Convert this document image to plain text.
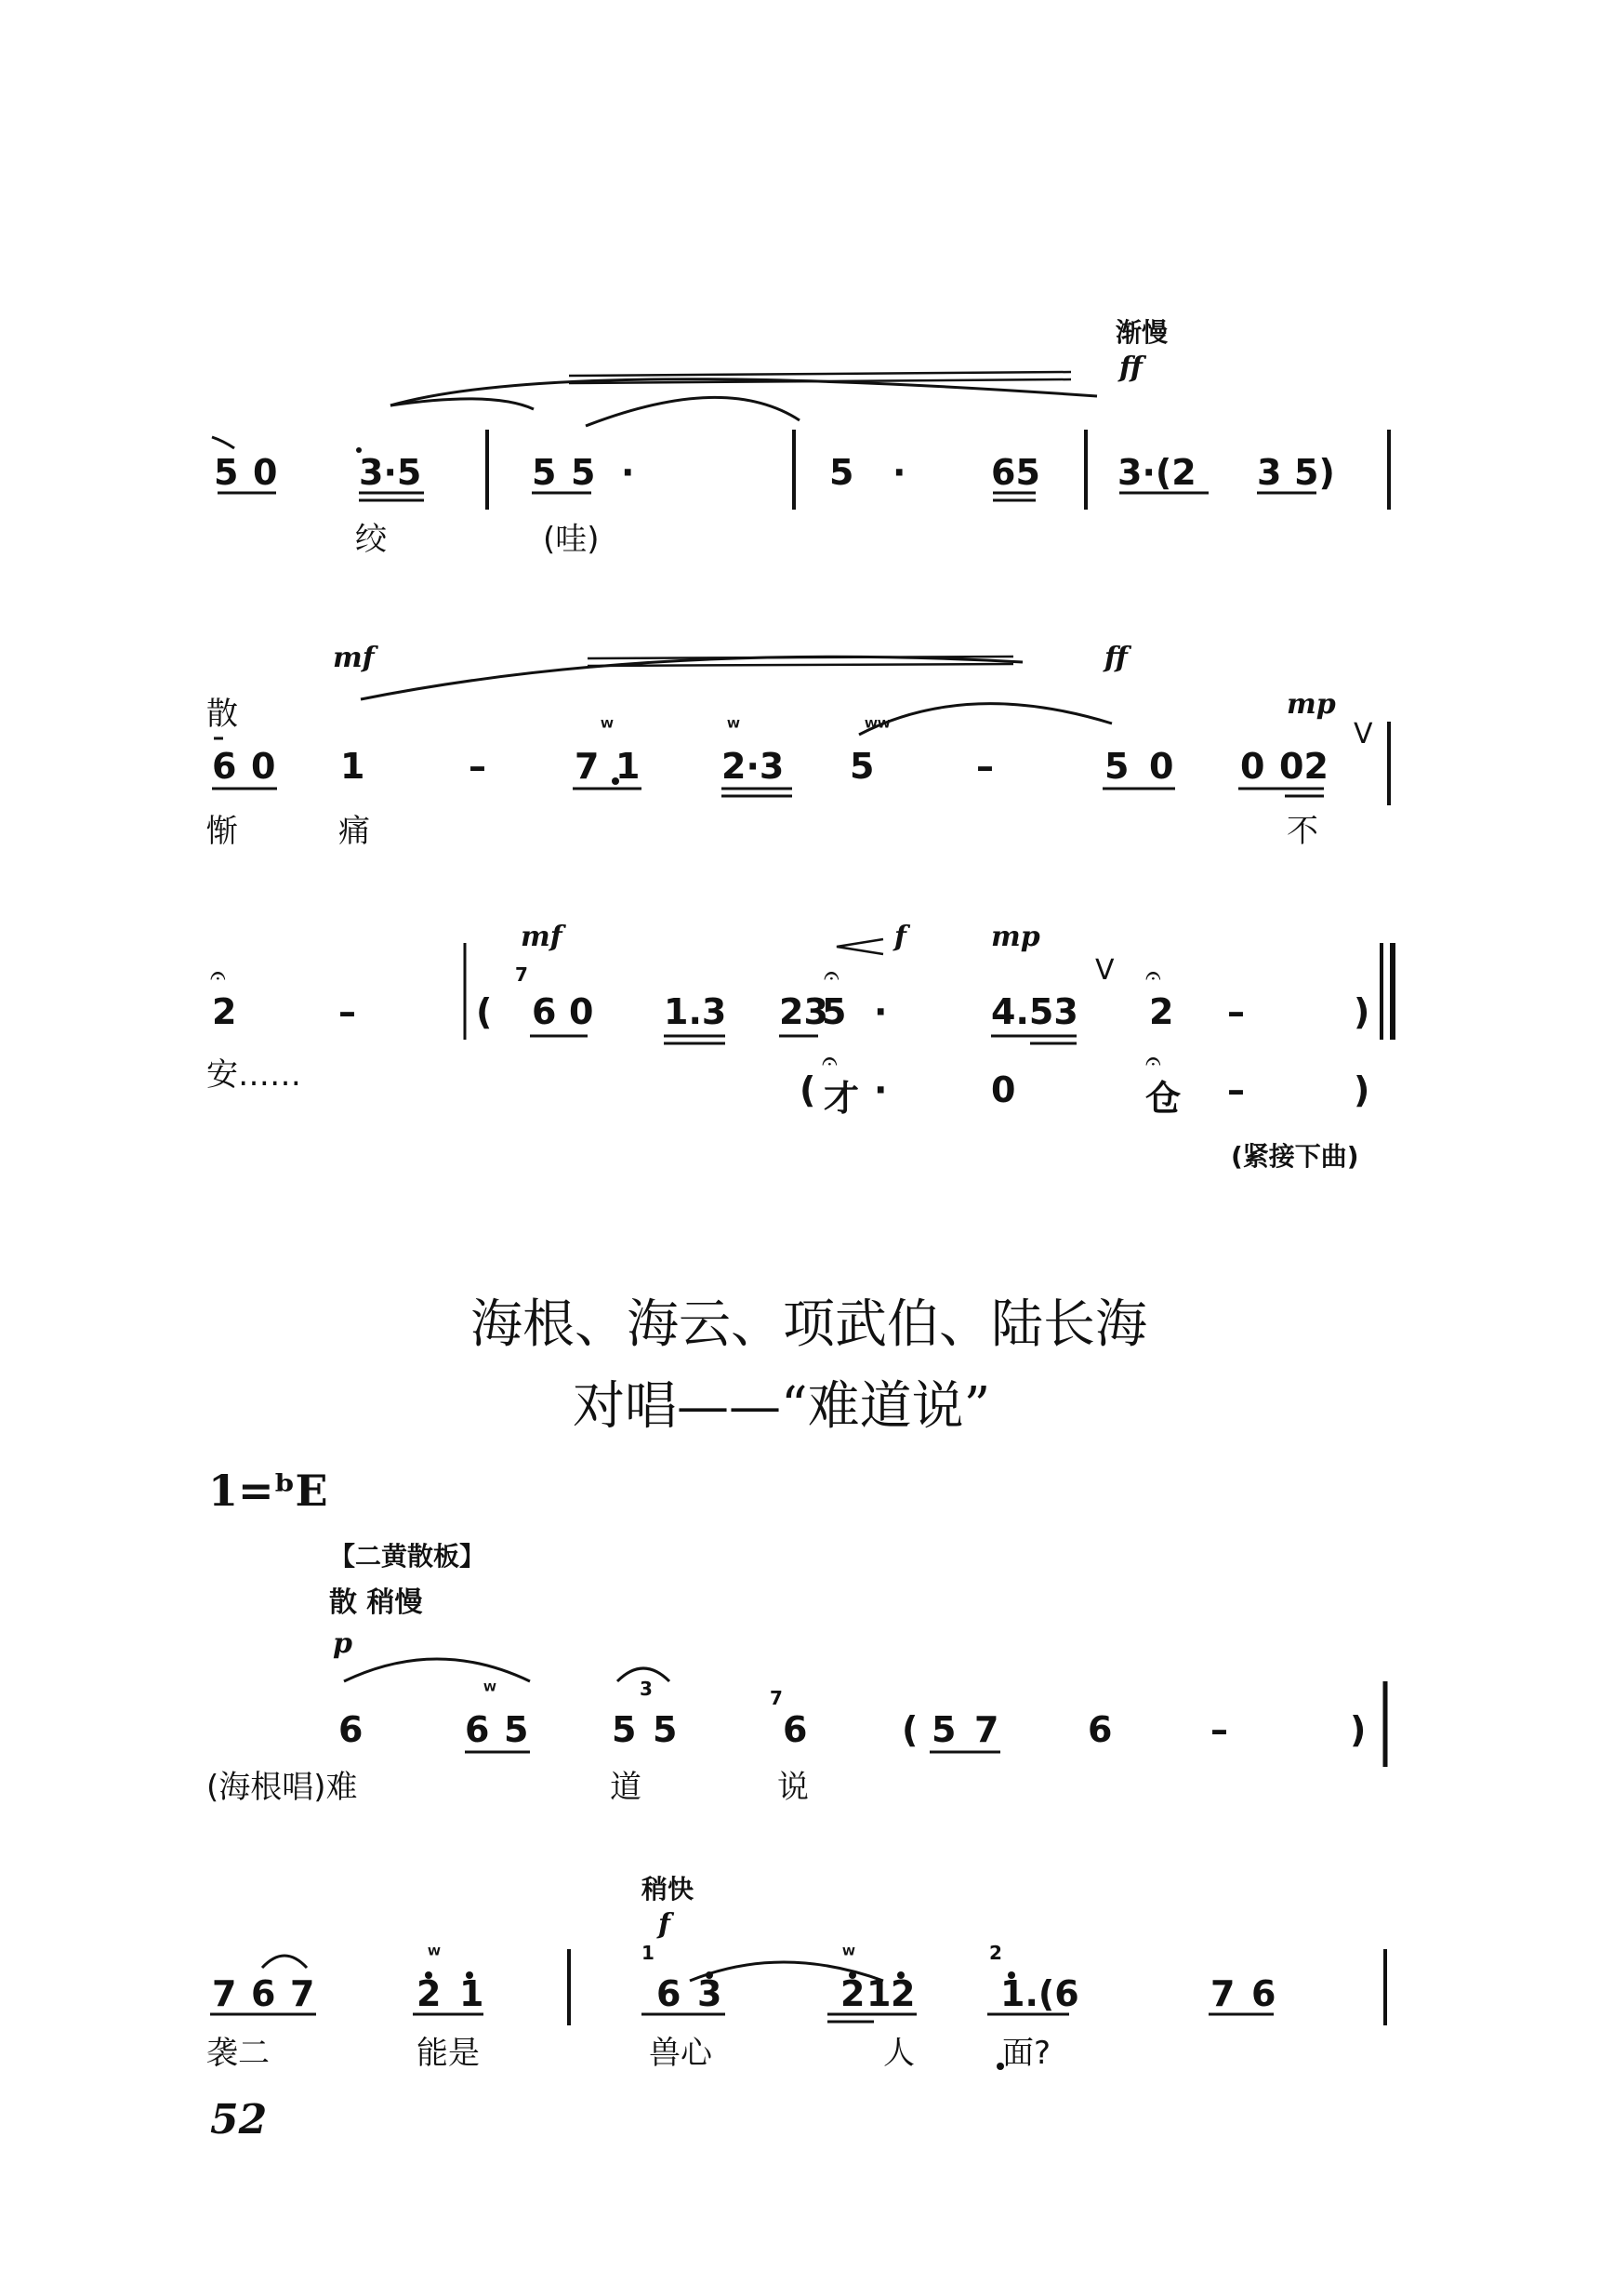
渐慢
ff
5 0 3·5	5 5 ·	5 · 65 3·(2 3 5)
绞	(哇)
mf	ff
mp
V
散	ᵂ	ᵂ	ᵂᵂ
6 0 1	–	7 1 2·3 5	–	5 0 0 02
惭	痛	不
mf	f	mp
V
7
𝄐	𝄐	𝄐
2	–	( 6 0 1.3 23
5 ·	4.53 2 –	)
安……	𝄐	𝄐
( 才 ·	0	仓 –	)
(紧接下曲)
海根、海云、项武伯、陆长海
对唱——“难道说”
1=ᵇE
【二黄散板】
散 稍慢
p
ᵂ	3	7
6	6 5 5 5	6	( 5 7	6	–	)
(海根唱)难	道	说
稍快
f
ᵂ	ᵂ
1	2
7 6 7	2 1	6 3	2 1 2 1.(6	7 6
袭二	能是	兽心	人	面?
52
